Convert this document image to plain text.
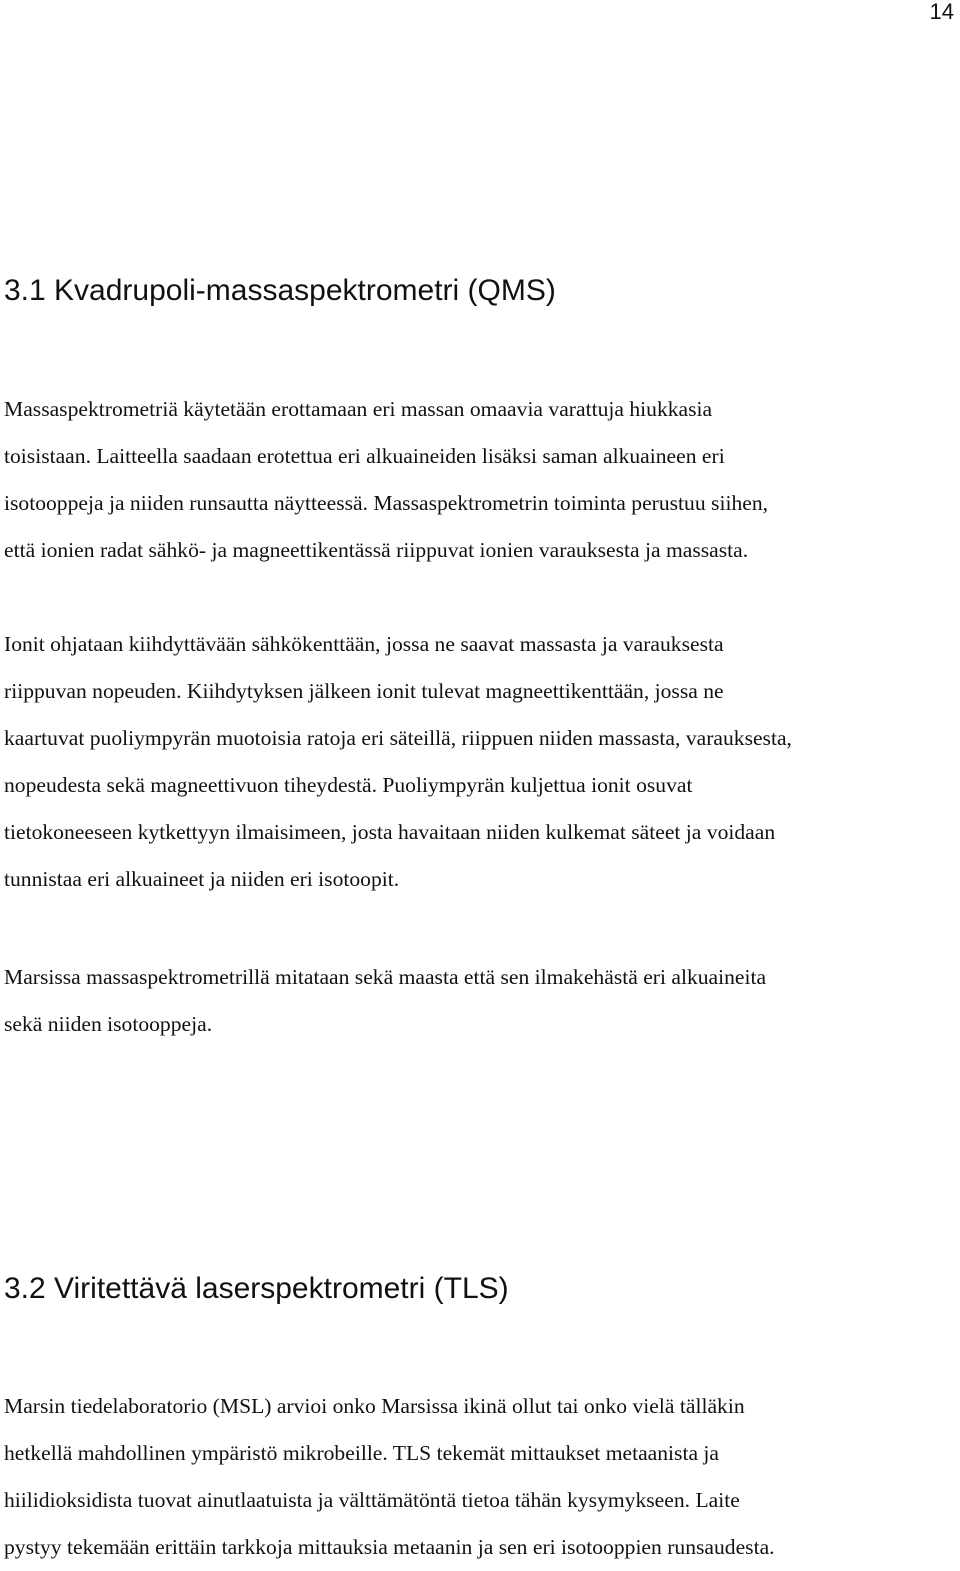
14
3.1 Kvadrupoli-massaspektrometri (QMS)

Massaspektrometriä käytetään erottamaan eri massan omaavia varattuja hiukkasia
toisistaan. Laitteella saadaan erotettua eri alkuaineiden lisäksi saman alkuaineen eri
isotooppeja ja niiden runsautta näytteessä. Massaspektrometrin toiminta perustuu siihen,
että ionien radat sähkö- ja magneettikentässä riippuvat ionien varauksesta ja massasta.

Ionit ohjataan kiihdyttävään sähkökenttään, jossa ne saavat massasta ja varauksesta
riippuvan nopeuden. Kiihdytyksen jälkeen ionit tulevat magneettikenttään, jossa ne
kaartuvat puoliympyrän muotoisia ratoja eri säteillä, riippuen niiden massasta, varauksesta,
nopeudesta sekä magneettivuon tiheydestä. Puoliympyrän kuljettua ionit osuvat
tietokoneeseen kytkettyyn ilmaisimeen, josta havaitaan niiden kulkemat säteet ja voidaan
tunnistaa eri alkuaineet ja niiden eri isotoopit.

Marsissa massaspektrometrillä mitataan sekä maasta että sen ilmakehästä eri alkuaineita
sekä niiden isotooppeja.

3.2 Viritettävä laserspektrometri (TLS)

Marsin tiedelaboratorio (MSL) arvioi onko Marsissa ikinä ollut tai onko vielä tälläkin
hetkellä mahdollinen ympäristö mikrobeille. TLS tekemät mittaukset metaanista ja
hiilidioksidista tuovat ainutlaatuista ja välttämätöntä tietoa tähän kysymykseen. Laite
pystyy tekemään erittäin tarkkoja mittauksia metaanin ja sen eri isotooppien runsaudesta.
